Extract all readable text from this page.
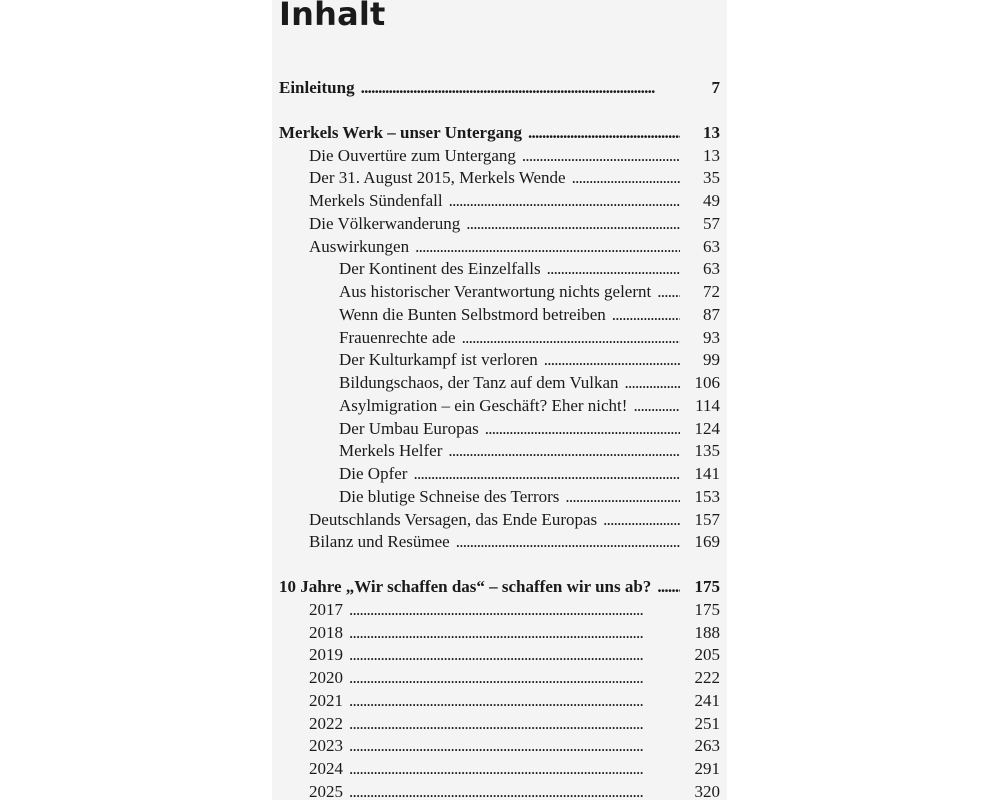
Inhalt
Einleitung . . .	7
Merkels Werk – unser Untergang . . .	13
Die Ouvertüre zum Untergang . . .	13
Der 31. August 2015, Merkels Wende . . .	35
Merkels Sündenfall . . .	49
Die Völkerwanderung . . .	57
Auswirkungen . . .	63
Der Kontinent des Einzelfalls . . .	63
Aus historischer Verantwortung nichts gelernt . . .	72
Wenn die Bunten Selbstmord betreiben . . .	87
Frauenrechte ade . . .	93
Der Kulturkampf ist verloren . . .	99
Bildungschaos, der Tanz auf dem Vulkan . . .	106
Asylmigration – ein Geschäft? Eher nicht! . . .	114
Der Umbau Europas . . .	124
Merkels Helfer . . .	135
Die Opfer . . .	141
Die blutige Schneise des Terrors . . .	153
Deutschlands Versagen, das Ende Europas . . .	157
Bilanz und Resümee . . .	169
10 Jahre „Wir schaffen das“ – schaffen wir uns ab? . . .	175
2017 . . .	175
2018 . . .	188
2019 . . .	205
2020 . . .	222
2021 . . .	241
2022 . . .	251
2023 . . .	263
2024 . . .	291
2025 . . .	320
